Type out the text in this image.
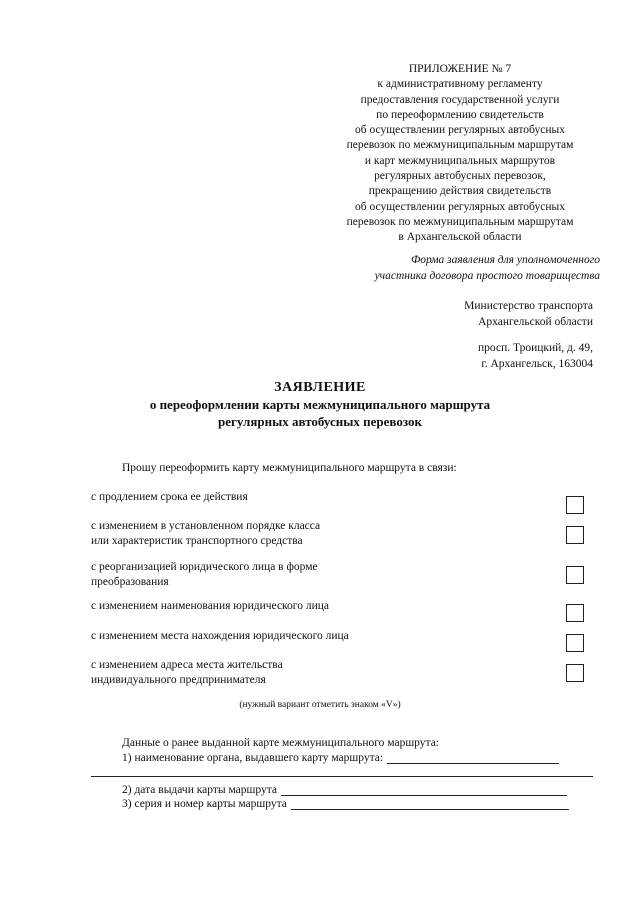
ПРИЛОЖЕНИЕ № 7
к административному регламенту
предоставления государственной услуги
по переоформлению свидетельств
об осуществлении регулярных автобусных
перевозок по межмуниципальным маршрутам
и карт межмуниципальных маршрутов
регулярных автобусных перевозок,
прекращению действия свидетельств
об осуществлении регулярных автобусных
перевозок по межмуниципальным маршрутам
в Архангельской области
Форма заявления для уполномоченного
участника договора простого товарищества
Министерство транспорта
Архангельской области
просп. Троицкий, д. 49,
г. Архангельск, 163004
ЗАЯВЛЕНИЕ
о переоформлении карты межмуниципального маршрута
регулярных автобусных перевозок
Прошу переоформить карту межмуниципального маршрута в связи:
с продлением срока ее действия
с изменением в установленном порядке класса
или характеристик транспортного средства
с реорганизацией юридического лица в форме
преобразования
с изменением наименования юридического лица
с изменением места нахождения юридического лица
с изменением адреса места жительства
индивидуального предпринимателя
(нужный вариант отметить знаком «V»)
Данные о ранее выданной карте межмуниципального маршрута:
1) наименование органа, выдавшего карту маршрута:
2) дата выдачи карты маршрута
3) серия и номер карты маршрута
